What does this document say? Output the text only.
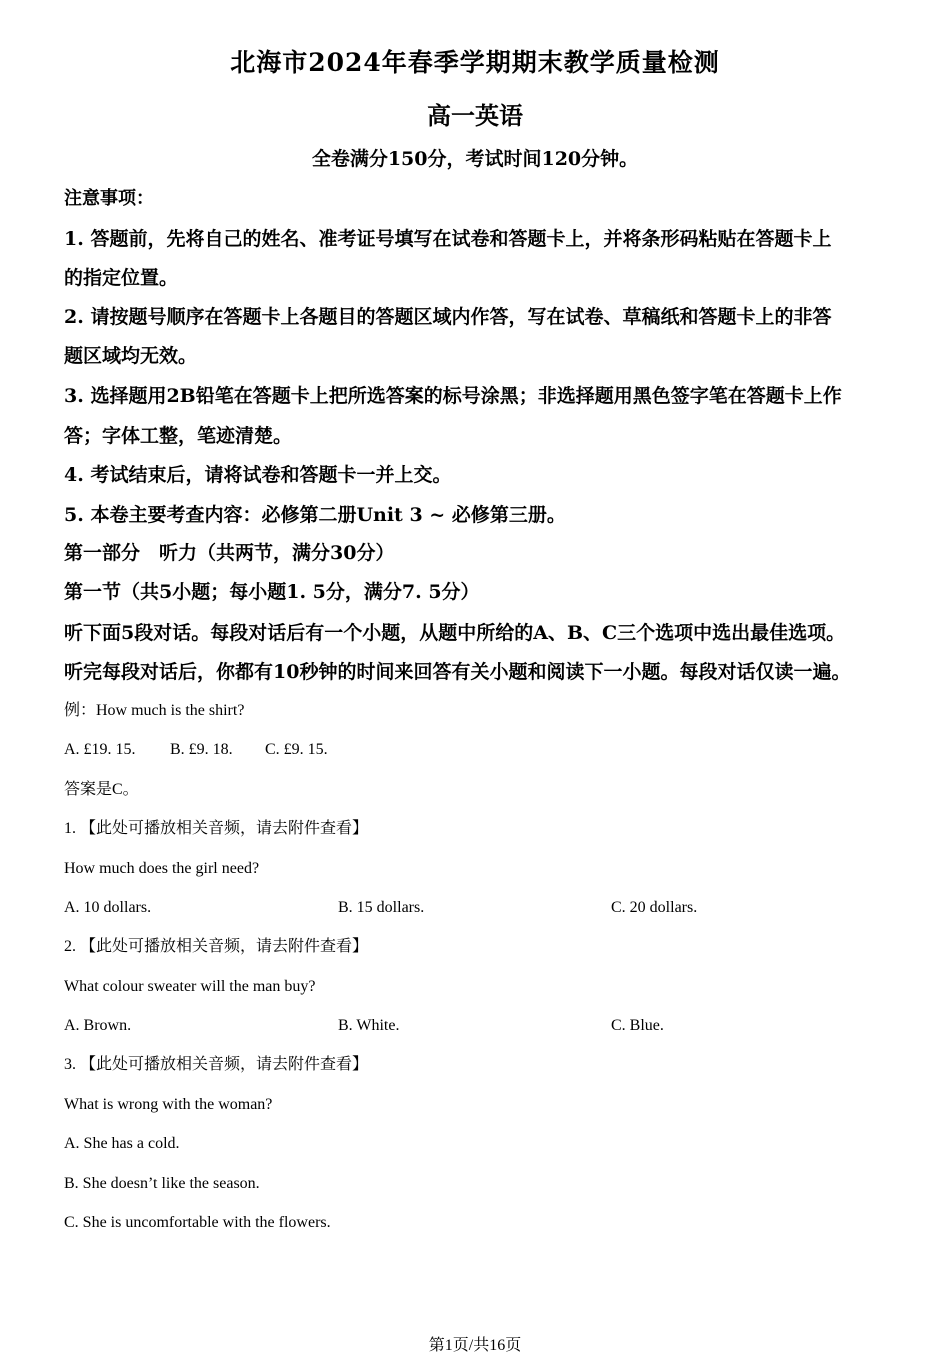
北海市2024年春季学期期末教学质量检测
高一英语
全卷满分150分，考试时间120分钟。
注意事项：
1. 答题前，先将自己的姓名、准考证号填写在试卷和答题卡上，并将条形码粘贴在答题卡上
的指定位置。
2. 请按题号顺序在答题卡上各题目的答题区域内作答，写在试卷、草稿纸和答题卡上的非答
题区域均无效。
3. 选择题用2B铅笔在答题卡上把所选答案的标号涂黑；非选择题用黑色签字笔在答题卡上作
答；字体工整，笔迹清楚。
4. 考试结束后，请将试卷和答题卡一并上交。
5. 本卷主要考查内容：必修第二册Unit 3 ~ 必修第三册。
第一部分　听力（共两节，满分30分）
第一节（共5小题；每小题1. 5分，满分7. 5分）
听下面5段对话。每段对话后有一个小题，从题中所给的A、B、C三个选项中选出最佳选项。
听完每段对话后，你都有10秒钟的时间来回答有关小题和阅读下一小题。每段对话仅读一遍。
例：How much is the shirt?
A. £19. 15. B. £9. 18. C. £9. 15.
答案是C。
1. 【此处可播放相关音频，请去附件查看】
How much does the girl need?
A. 10 dollars.	B. 15 dollars.	C. 20 dollars.
2. 【此处可播放相关音频，请去附件查看】
What colour sweater will the man buy?
A. Brown.	B. White.	C. Blue.
3. 【此处可播放相关音频，请去附件查看】
What is wrong with the woman?
A. She has a cold.
B. She doesn’t like the season.
C. She is uncomfortable with the flowers.
第1页/共16页
